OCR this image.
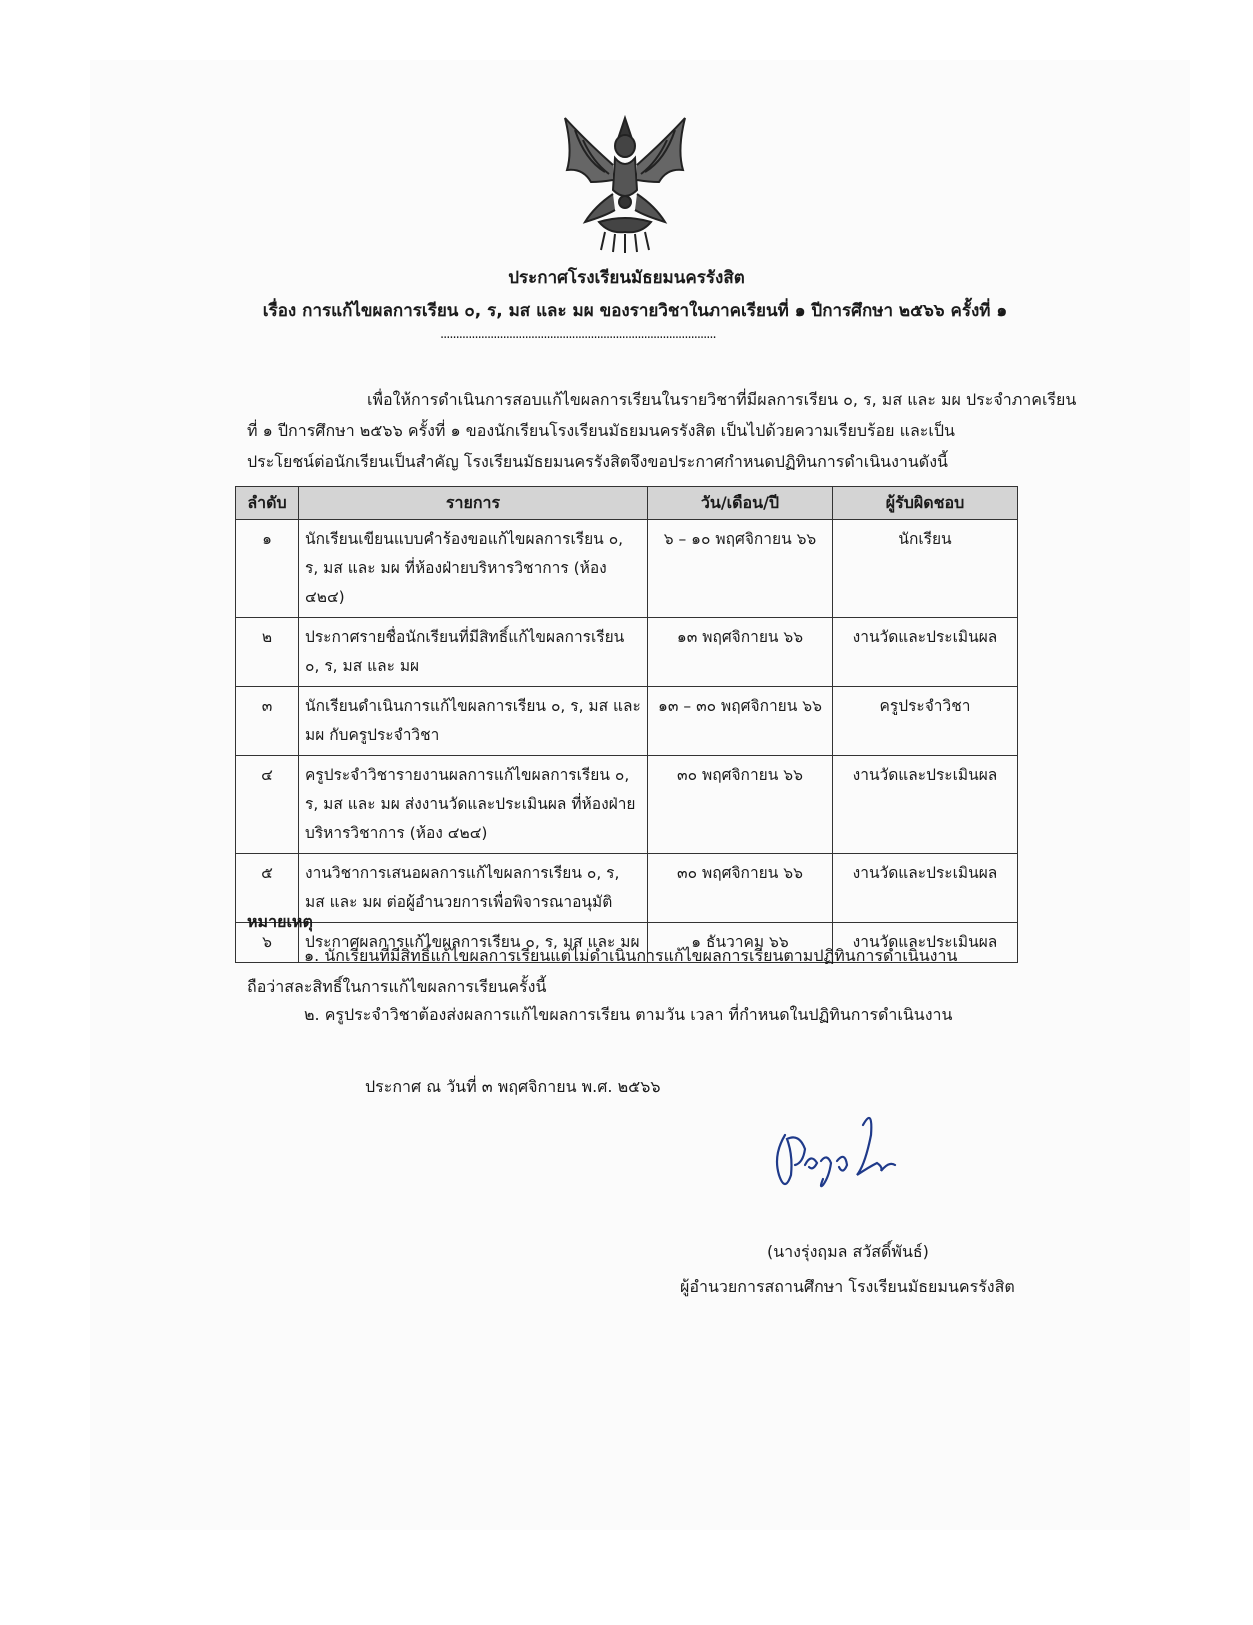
ประกาศโรงเรียนมัธยมนครรังสิต
เรื่อง การแก้ไขผลการเรียน ๐, ร, มส และ มผ ของรายวิชาในภาคเรียนที่ ๑ ปีการศึกษา ๒๕๖๖ ครั้งที่ ๑
........................................................................................
เพื่อให้การดำเนินการสอบแก้ไขผลการเรียนในรายวิชาที่มีผลการเรียน ๐, ร, มส และ มผ ประจำภาคเรียน
ที่ ๑ ปีการศึกษา ๒๕๖๖ ครั้งที่ ๑ ของนักเรียนโรงเรียนมัธยมนครรังสิต เป็นไปด้วยความเรียบร้อย และเป็น
ประโยชน์ต่อนักเรียนเป็นสำคัญ โรงเรียนมัธยมนครรังสิตจึงขอประกาศกำหนดปฏิทินการดำเนินงานดังนี้
ลำดับ	รายการ	วัน/เดือน/ปี	ผู้รับผิดชอบ
๑	นักเรียนเขียนแบบคำร้องขอแก้ไขผลการเรียน ๐, ร, มส และ มผ ที่ห้องฝ่ายบริหารวิชาการ (ห้อง ๔๒๔)	๖ – ๑๐ พฤศจิกายน ๖๖	นักเรียน
๒	ประกาศรายชื่อนักเรียนที่มีสิทธิ์แก้ไขผลการเรียน ๐, ร, มส และ มผ	๑๓ พฤศจิกายน ๖๖	งานวัดและประเมินผล
๓	นักเรียนดำเนินการแก้ไขผลการเรียน ๐, ร, มส และ มผ กับครูประจำวิชา	๑๓ – ๓๐ พฤศจิกายน ๖๖	ครูประจำวิชา
๔	ครูประจำวิชารายงานผลการแก้ไขผลการเรียน ๐, ร, มส และ มผ ส่งงานวัดและประเมินผล ที่ห้องฝ่ายบริหารวิชาการ (ห้อง ๔๒๔)	๓๐ พฤศจิกายน ๖๖	งานวัดและประเมินผล
๕	งานวิชาการเสนอผลการแก้ไขผลการเรียน ๐, ร, มส และ มผ ต่อผู้อำนวยการเพื่อพิจารณาอนุมัติ	๓๐ พฤศจิกายน ๖๖	งานวัดและประเมินผล
๖	ประกาศผลการแก้ไขผลการเรียน ๐, ร, มส และ มผ	๑ ธันวาคม ๖๖	งานวัดและประเมินผล
หมายเหตุ
๑. นักเรียนที่มีสิทธิ์แก้ไขผลการเรียนแต่ไม่ดำเนินการแก้ไขผลการเรียนตามปฏิทินการดำเนินงาน
ถือว่าสละสิทธิ์ในการแก้ไขผลการเรียนครั้งนี้
๒. ครูประจำวิชาต้องส่งผลการแก้ไขผลการเรียน ตามวัน เวลา ที่กำหนดในปฏิทินการดำเนินงาน
ประกาศ ณ วันที่ ๓ พฤศจิกายน พ.ศ. ๒๕๖๖
(นางรุ่งฤมล สวัสดิ์พันธ์)
ผู้อำนวยการสถานศึกษา โรงเรียนมัธยมนครรังสิต
